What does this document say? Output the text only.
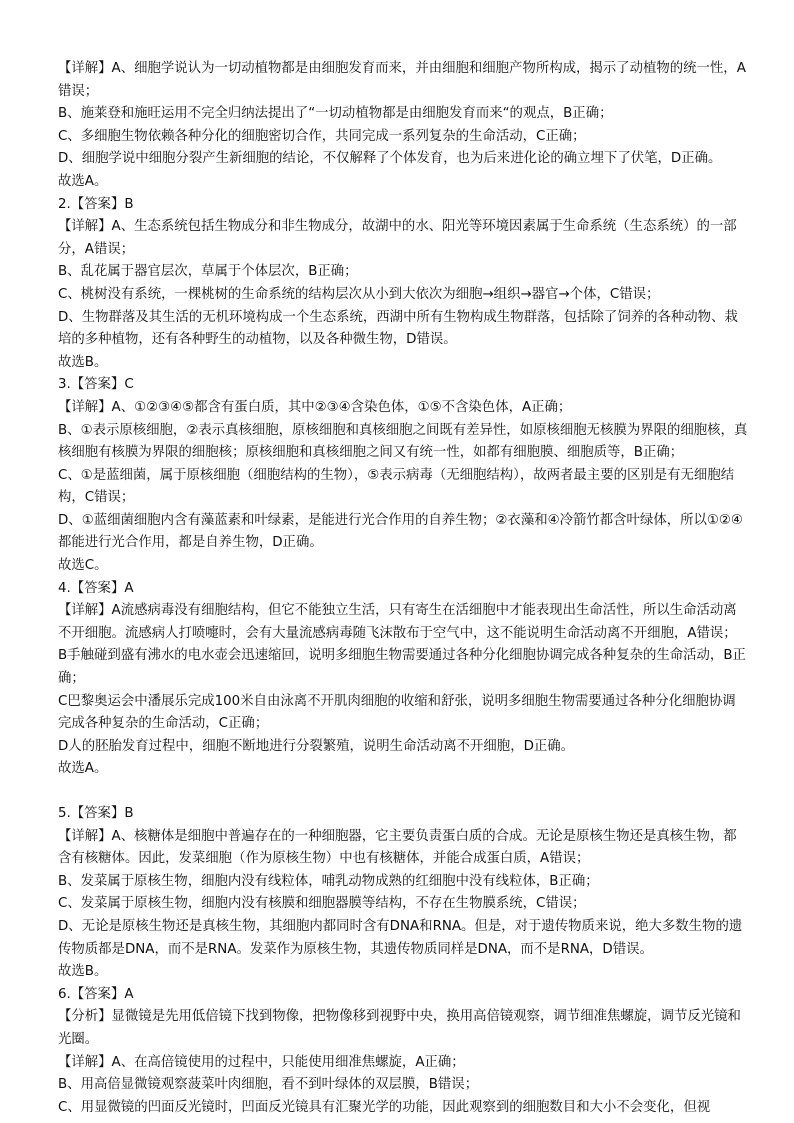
【详解】A、细胞学说认为一切动植物都是由细胞发育而来，并由细胞和细胞产物所构成，揭示了动植物的统一性，A错误；
B、施莱登和施旺运用不完全归纳法提出了“一切动植物都是由细胞发育而来“的观点，B正确；
C、多细胞生物依赖各种分化的细胞密切合作，共同完成一系列复杂的生命活动，C正确；
D、细胞学说中细胞分裂产生新细胞的结论，不仅解释了个体发育，也为后来进化论的确立埋下了伏笔，D正确。
故选A。
2.【答案】B
【详解】A、生态系统包括生物成分和非生物成分，故湖中的水、阳光等环境因素属于生命系统（生态系统）的一部分，A错误；
B、乱花属于器官层次，草属于个体层次，B正确；
C、桃树没有系统，一棵桃树的生命系统的结构层次从小到大依次为细胞→组织→器官→个体，C错误；
D、生物群落及其生活的无机环境构成一个生态系统，西湖中所有生物构成生物群落，包括除了饲养的各种动物、栽培的多种植物，还有各种野生的动植物，以及各种微生物，D错误。
故选B。
3.【答案】C
【详解】A、①②③④⑤都含有蛋白质，其中②③④含染色体，①⑤不含染色体，A正确；
B、①表示原核细胞，②表示真核细胞，原核细胞和真核细胞之间既有差异性，如原核细胞无核膜为界限的细胞核，真核细胞有核膜为界限的细胞核；原核细胞和真核细胞之间又有统一性，如都有细胞膜、细胞质等，B正确；
C、①是蓝细菌，属于原核细胞（细胞结构的生物），⑤表示病毒（无细胞结构），故两者最主要的区别是有无细胞结构，C错误；
D、①蓝细菌细胞内含有藻蓝素和叶绿素，是能进行光合作用的自养生物；②衣藻和④冷箭竹都含叶绿体，所以①②④都能进行光合作用，都是自养生物，D正确。
故选C。
4.【答案】A
【详解】A流感病毒没有细胞结构，但它不能独立生活，只有寄生在活细胞中才能表现出生命活性，所以生命活动离不开细胞。流感病人打喷嚏时，会有大量流感病毒随飞沫散布于空气中，这不能说明生命活动离不开细胞，A错误；
B手触碰到盛有沸水的电水壶会迅速缩回，说明多细胞生物需要通过各种分化细胞协调完成各种复杂的生命活动，B正确；
C巴黎奥运会中潘展乐完成100米自由泳离不开肌肉细胞的收缩和舒张，说明多细胞生物需要通过各种分化细胞协调完成各种复杂的生命活动，C正确；
D人的胚胎发育过程中，细胞不断地进行分裂繁殖，说明生命活动离不开细胞，D正确。
故选A。
5.【答案】B
【详解】A、核糖体是细胞中普遍存在的一种细胞器，它主要负责蛋白质的合成。无论是原核生物还是真核生物，都含有核糖体。因此，发菜细胞（作为原核生物）中也有核糖体，并能合成蛋白质，A错误；
B、发菜属于原核生物，细胞内没有线粒体，哺乳动物成熟的红细胞中没有线粒体，B正确；
C、发菜属于原核生物，细胞内没有核膜和细胞器膜等结构，不存在生物膜系统，C错误；
D、无论是原核生物还是真核生物，其细胞内都同时含有DNA和RNA。但是，对于遗传物质来说，绝大多数生物的遗传物质都是DNA，而不是RNA。发菜作为原核生物，其遗传物质同样是DNA，而不是RNA，D错误。
故选B。
6.【答案】A
【分析】显微镜是先用低倍镜下找到物像，把物像移到视野中央，换用高倍镜观察，调节细准焦螺旋，调节反光镜和光圈。
【详解】A、在高倍镜使用的过程中，只能使用细准焦螺旋，A正确；
B、用高倍显微镜观察菠菜叶肉细胞，看不到叶绿体的双层膜，B错误；
C、用显微镜的凹面反光镜时，凹面反光镜具有汇聚光学的功能，因此观察到的细胞数目和大小不会变化，但视
